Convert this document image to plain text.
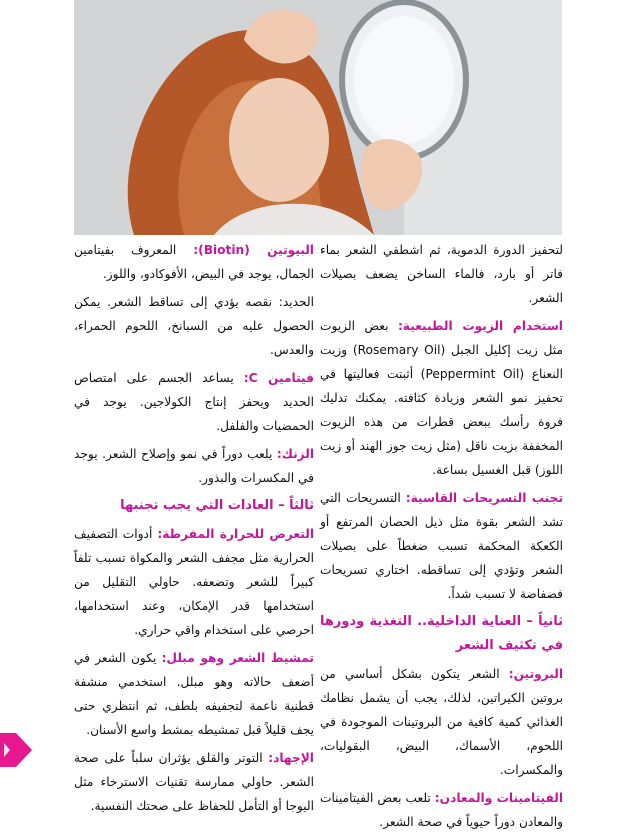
لتحفيز الدورة الدموية، ثم اشطفي الشعر بماء فاتر أو بارد، فالماء الساخن يضعف بصيلات الشعر.

استخدام الزيوت الطبيعية: بعض الزيوت مثل زيت إكليل الجبل (Rosemary Oil) وزيت النعناع (Peppermint Oil) أثبتت فعاليتها في تحفيز نمو الشعر وزيادة كثافته. يمكنك تدليك فروة رأسك ببعض قطرات من هذه الزيوت المخففة بزيت ناقل (مثل زيت جوز الهند أو زيت اللوز) قبل الغسيل بساعة.

تجنب التسريحات القاسية: التسريحات التي تشد الشعر بقوة مثل ذيل الحصان المرتفع أو الكعكة المحكمة تسبب ضغطاً على بصيلات الشعر وتؤدي إلى تساقطه. اختاري تسريحات فضفاضة لا تسبب شداً.

ثانياً – العناية الداخلية.. التغذية ودورها في تكثيف الشعر

البروتين: الشعر يتكون بشكل أساسي من بروتين الكيراتين، لذلك، يجب أن يشمل نظامك الغذائي كمية كافية من البروتينات الموجودة في اللحوم، الأسماك، البيض، البقوليات، والمكسرات.

الفيتامينات والمعادن: تلعب بعض الفيتامينات والمعادن دوراً حيوياً في صحة الشعر.

البيوتين (Biotin): المعروف بفيتامين الجمال، يوجد في البيض، الأفوكادو، واللوز.

الحديد: نقصه يؤدي إلى تساقط الشعر. يمكن الحصول عليه من السبانخ، اللحوم الحمراء، والعدس.

فيتامين C: يساعد الجسم على امتصاص الحديد ويحفز إنتاج الكولاجين. يوجد في الحمضيات والفلفل.

الزنك: يلعب دوراً في نمو وإصلاح الشعر. يوجد في المكسرات والبذور.

ثالثاً – العادات التي يجب تجنبها

التعرض للحرارة المفرطة: أدوات التصفيف الحرارية مثل مجفف الشعر والمكواة تسبب تلفاً كبيراً للشعر وتضعفه. حاولي التقليل من استخدامها قدر الإمكان، وعند استخدامها، احرصي على استخدام واقي حراري.

تمشيط الشعر وهو مبلل: يكون الشعر في أضعف حالاته وهو مبلل. استخدمي منشفة قطنية ناعمة لتجفيفه بلطف، ثم انتظري حتى يجف قليلاً قبل تمشيطه بمشط واسع الأسنان.

الإجهاد: التوتر والقلق يؤثران سلباً على صحة الشعر. حاولي ممارسة تقنيات الاسترخاء مثل اليوجا أو التأمل للحفاظ على صحتك النفسية.
